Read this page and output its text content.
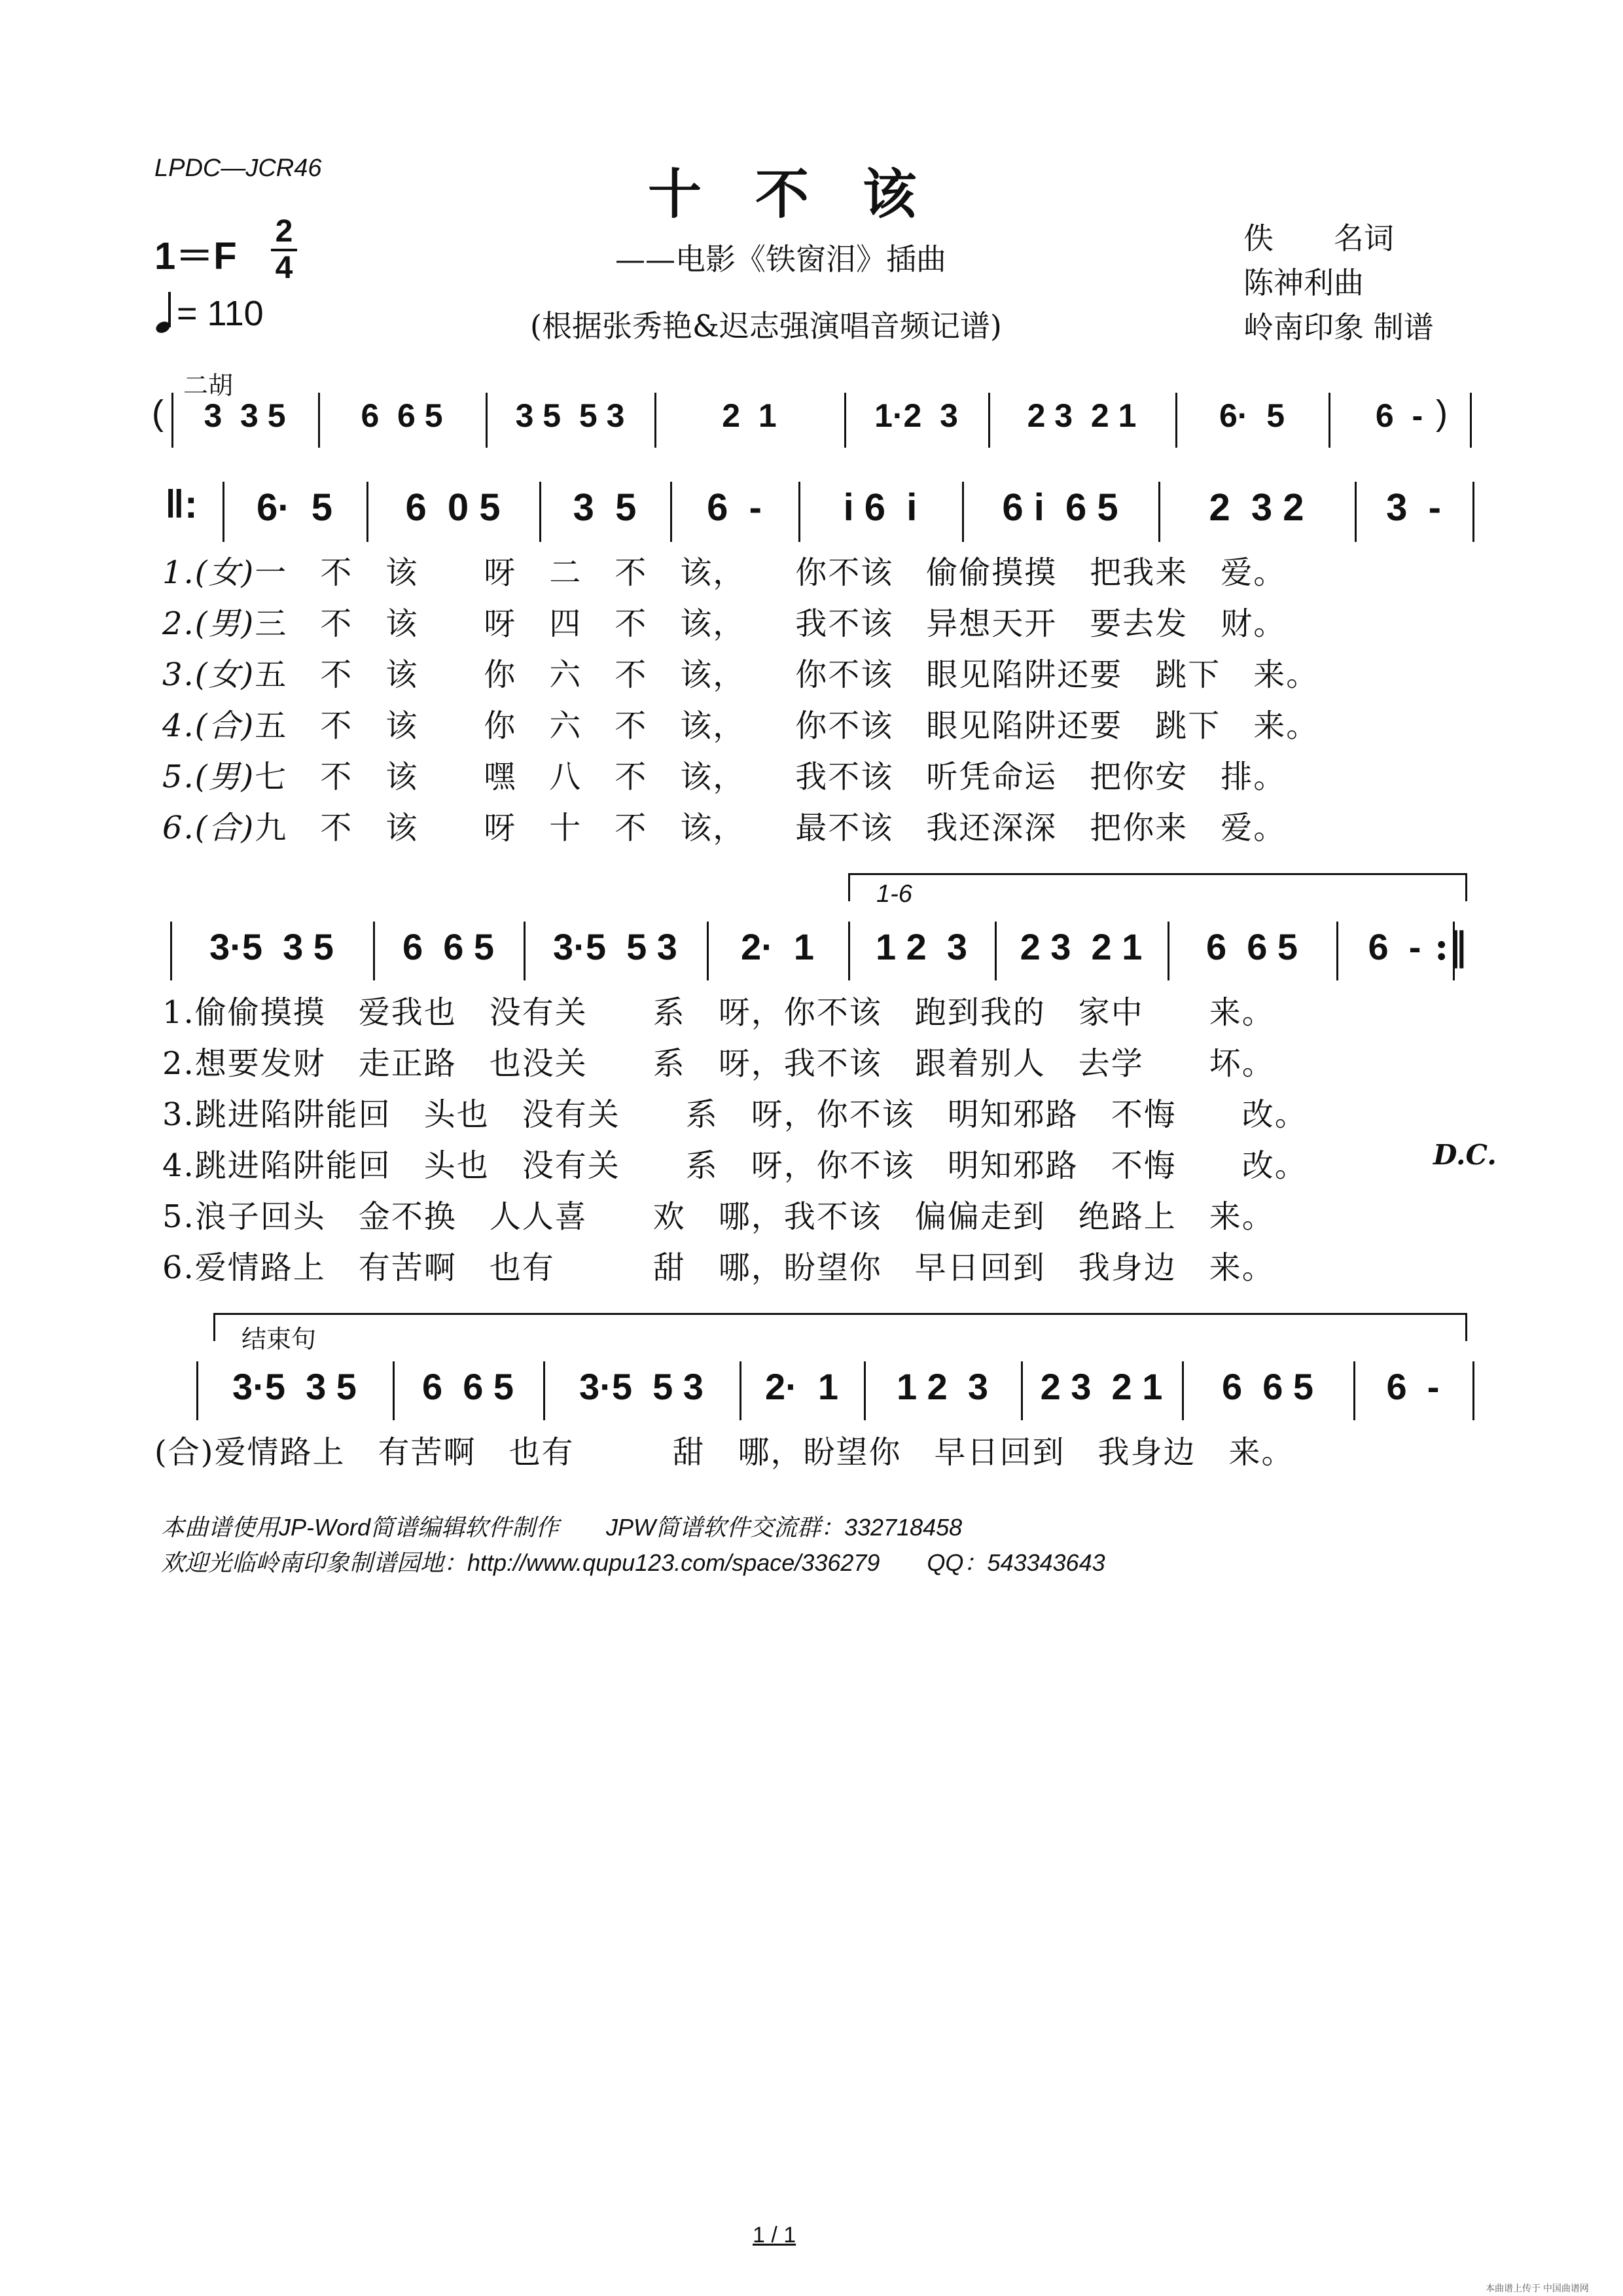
LPDC—JCR46	十　不　该
——电影《铁窗泪》插曲
(根据张秀艳&迟志强演唱音频记谱)
1＝F
2
4
= 110
佚　　名词
陈神利曲
岭南印象 制谱
二胡
(	3  3 5	6  6 5	3 5  5 3	2  1	1·2  3	2 3  2 1	6·  5	6  - )
‖:	6·  5	6  0 5	3  5	6  -	i 6  i	6 i  6 5	2  3 2	3  -
1.(女)一　不　该　　呀　二　不　该，　　你不该　偷偷摸摸　把我来　爱。
2.(男)三　不　该　　呀　四　不　该，　　我不该　异想天开　要去发　财。
3.(女)五　不　该　　你　六　不　该，　　你不该　眼见陷阱还要　跳下　来。
4.(合)五　不　该　　你　六　不　该，　　你不该　眼见陷阱还要　跳下　来。
5.(男)七　不　该　　嘿　八　不　该，　　我不该　听凭命运　把你安　排。
6.(合)九　不　该　　呀　十　不　该，　　最不该　我还深深　把你来　爱。
1-6
3·5  3 5	6  6 5	3·5  5 3	2·  1	1 2  3	2 3  2 1	6  6 5	6  - :‖
1.偷偷摸摸　爱我也　没有关　　系　呀，你不该　跑到我的　家中　　来。
2.想要发财　走正路　也没关　　系　呀，我不该　跟着别人　去学　　坏。
3.跳进陷阱能回　头也　没有关　　系　呀，你不该　明知邪路　不悔　　改。
4.跳进陷阱能回　头也　没有关　　系　呀，你不该　明知邪路　不悔　　改。
5.浪子回头　金不换　人人喜　　欢　哪，我不该　偏偏走到　绝路上　来。
6.爱情路上　有苦啊　也有　　　甜　哪，盼望你　早日回到　我身边　来。
D.C.
结束句
3·5  3 5	6  6 5	3·5  5 3	2·  1	1 2  3	2 3  2 1	6  6 5	6  -
(合)爱情路上　有苦啊　也有　　　甜　哪，盼望你　早日回到　我身边　来。
本曲谱使用JP-Word简谱编辑软件制作　　JPW简谱软件交流群：332718458
欢迎光临岭南印象制谱园地：http://www.qupu123.com/space/336279　　QQ：543343643
1 / 1
本曲谱上传于 中国曲谱网
